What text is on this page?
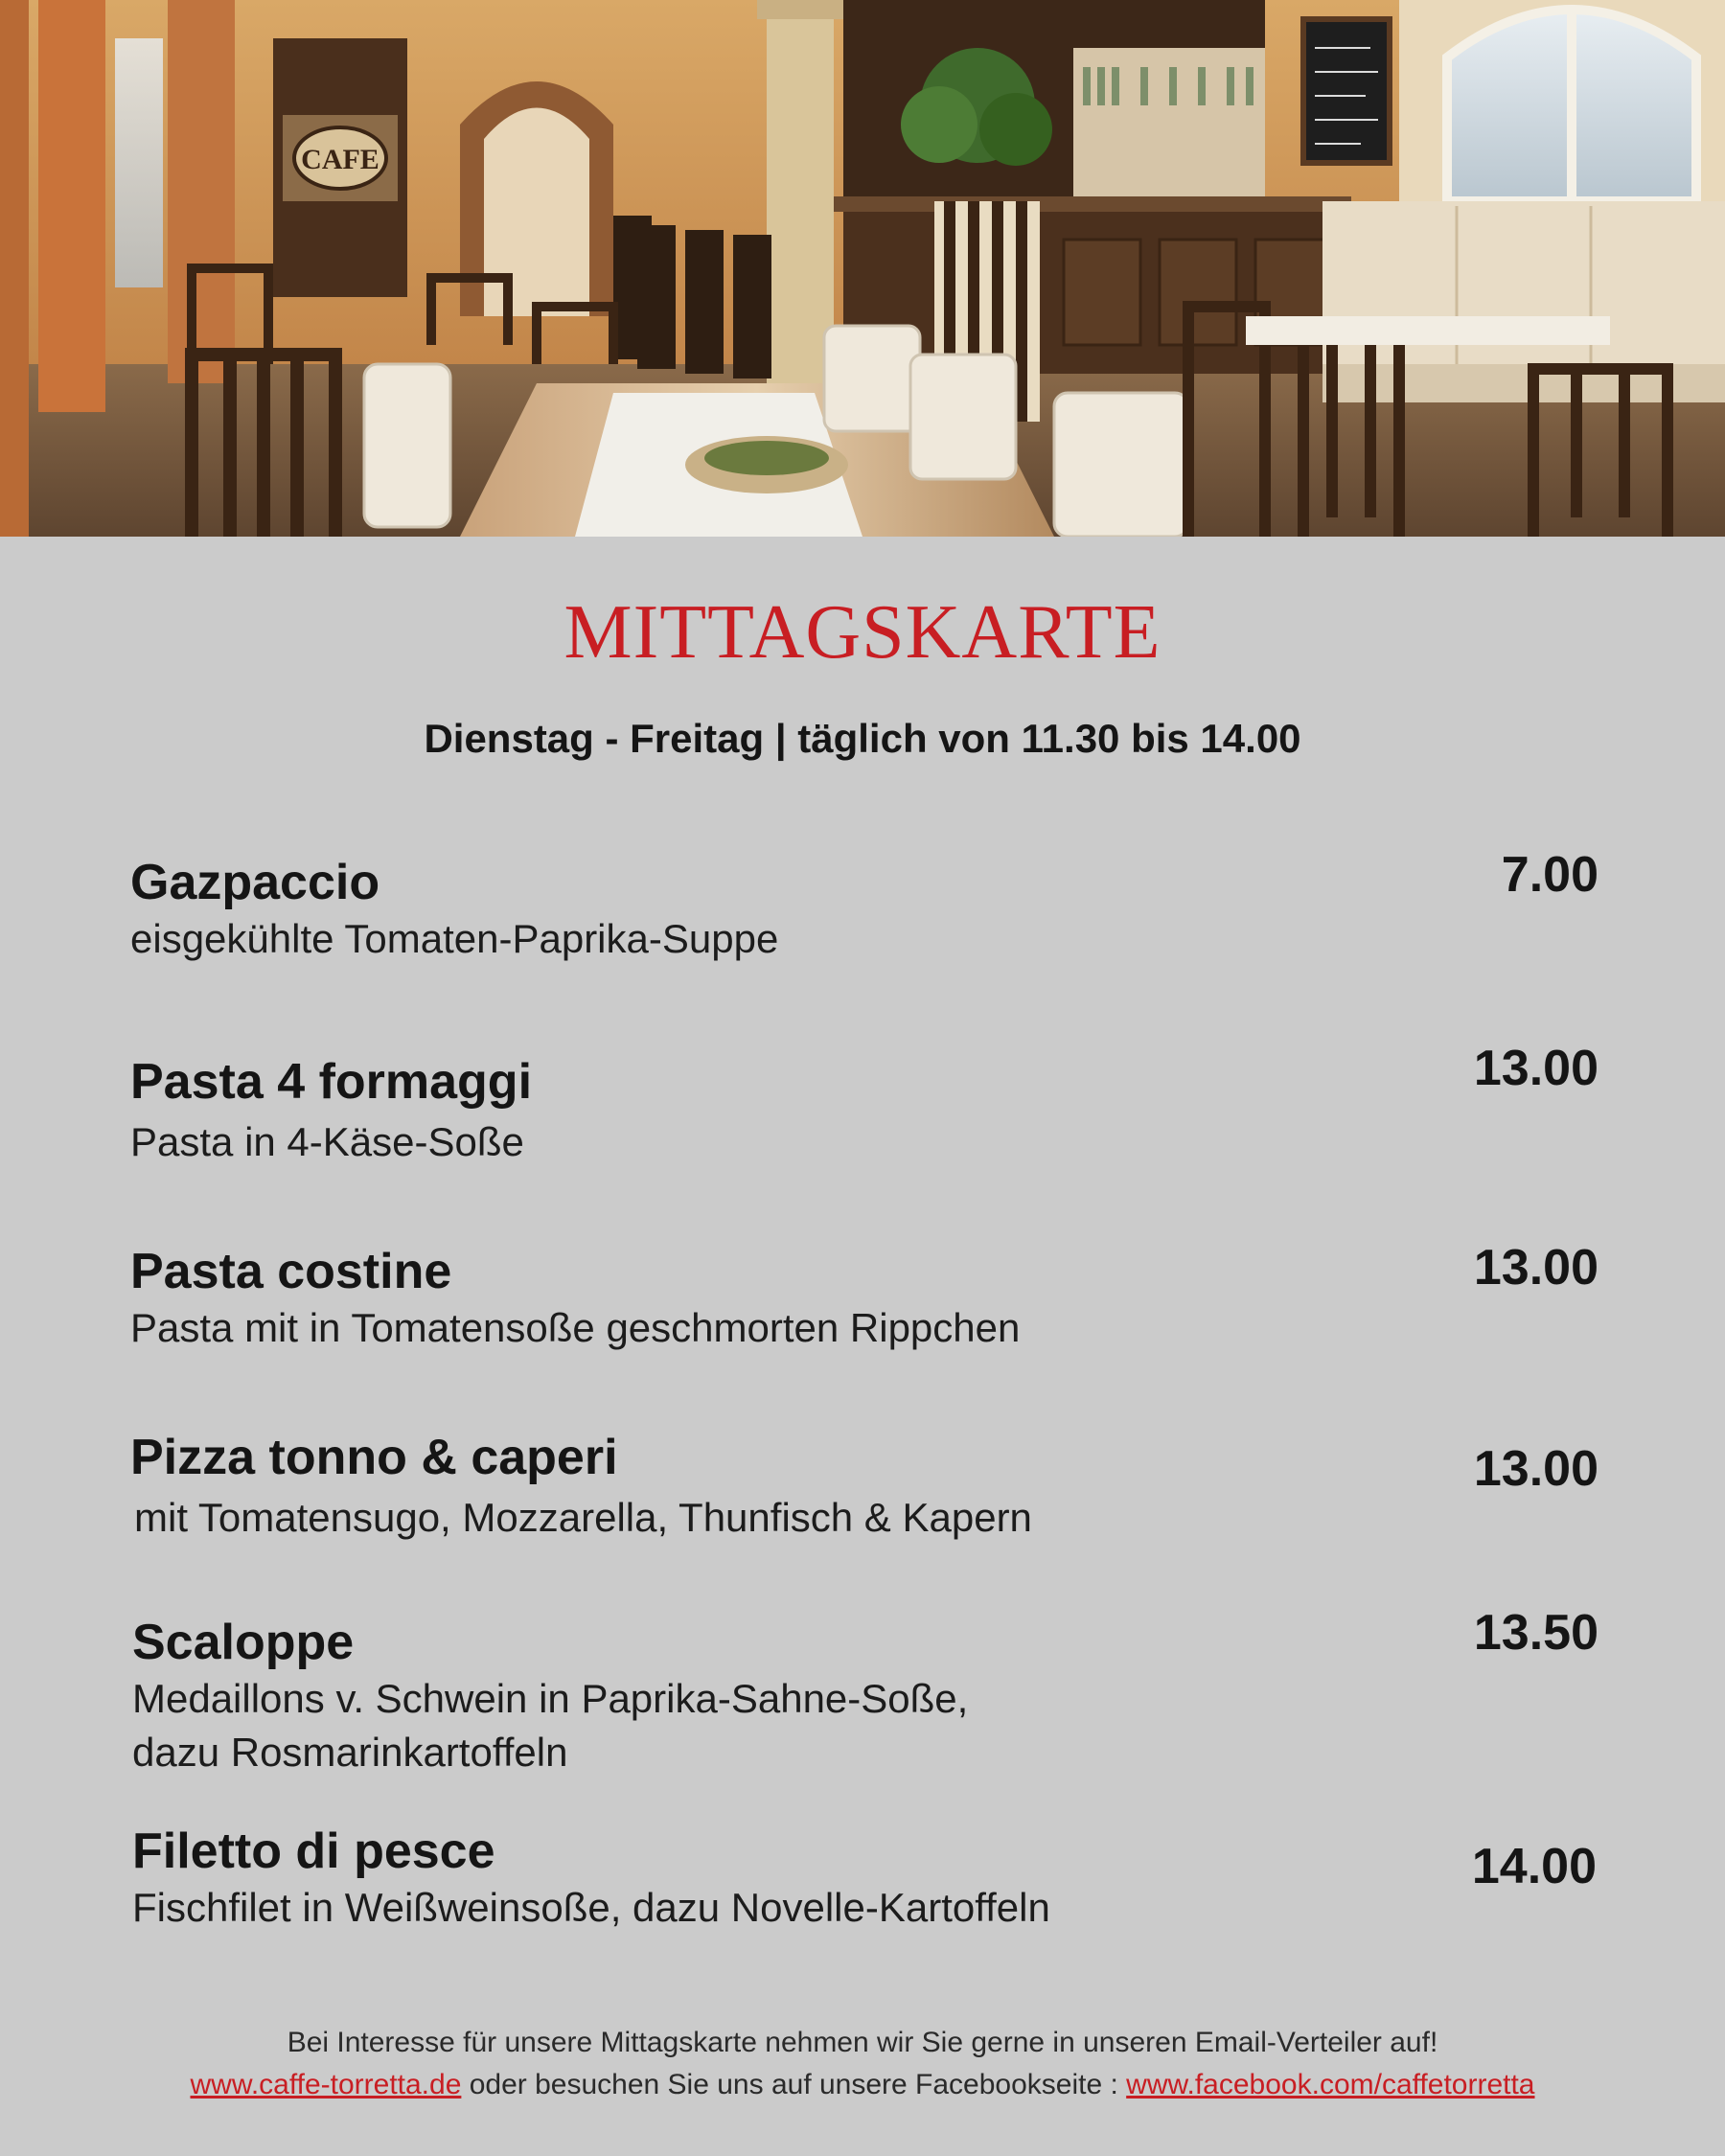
CAFE
MITTAGSKARTE
Dienstag - Freitag | täglich von 11.30 bis 14.00
Gazpaccio
eisgekühlte Tomaten-Paprika-Suppe
7.00
Pasta 4 formaggi
Pasta in 4-Käse-Soße
13.00
Pasta costine
Pasta mit in Tomatensoße geschmorten Rippchen
13.00
Pizza tonno & caperi
mit Tomatensugo, Mozzarella, Thunfisch & Kapern
13.00
Scaloppe
Medaillons v. Schwein in Paprika-Sahne-Soße,
dazu Rosmarinkartoffeln
13.50
Filetto di pesce
Fischfilet in Weißweinsoße, dazu Novelle-Kartoffeln
14.00
Bei Interesse für unsere Mittagskarte nehmen wir Sie gerne in unseren Email-Verteiler auf!
www.caffe-torretta.de oder besuchen Sie uns auf unsere Facebookseite : www.facebook.com/caffetorretta
